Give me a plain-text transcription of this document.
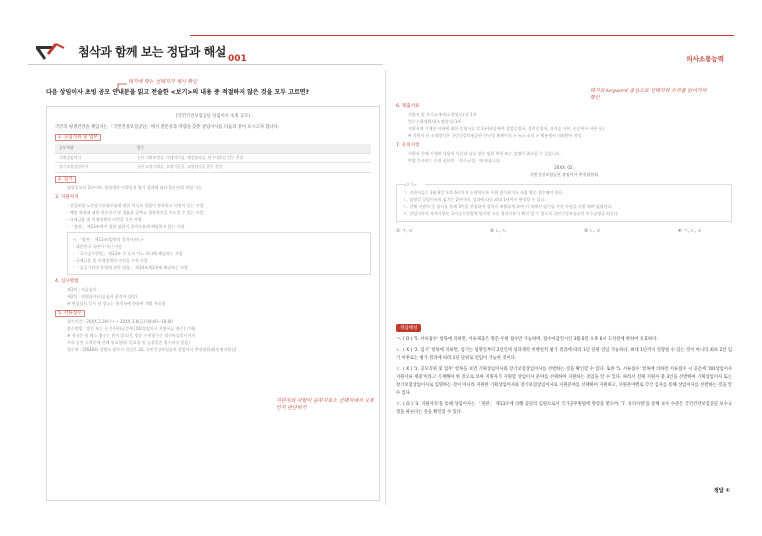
첨삭과 함께 보는 정답과 해설 001	의사소통능력
대기에 맞는 선택지가 제시 확인
다음 상임이사 초빙 공모 안내문을 읽고 전술한 <보기>의 내용 중 적절하지 않은 것을 모두 고르면?
[국민건강보험공단 상임이사 초빙 공모]
국민의 평생건강을 책임지는 「국민건강보험공단」에서 전문성과 역량을 갖춘 상임이사를 다음과 같이 모시고자 합니다.
1. 모집직위 및 업무
공모직위	업무
기획상임이사	공단 기획조정실, 빅데이터실, 재정관리실, 연구내용실 업무 총괄
장기보험상임이사	공단 요양기획실, 요양기준실, 요양심사실 업무 총괄
2. 임기
임명일부터 2년이며, 성과계약 이행실적 평가 결과에 따라 1년 단위 연임 가능
3. 지원자격
- 건강보험·노인장기요양보험에 대한 학식과 경험이 풍부하고 덕망이 있는 사람
- 해당 직위에 대한 전문지식 및 경륜을 갖추고 경영혁신을 주도할 수 있는 사람
- 국제금융 및 이재정책적 비전을 가진 사람
- 「정관」 제13조에서 정한 임원의 결격사유에 해당하지 않는 사람
< 「정관」 제13조(임원의 결격사유) >
- 대한민국 국민이 아닌 사람
- 「국가공무원법」 제33조 각 호의 어느 하나에 해당하는 사람
- 국제금융 및 이재정책적 비전을 가진 사람
- 「공공기관의 운영에 관한 법률」 제34조제1항에 해당하는 사람
4. 심사방법
제1차 : 서류심사
제2차 : 면접심사(서류심사 합격자 대상)
※ 면접심사 일시 및 장소는 합격자에 한하여 개별 통보함
5. 서류접수
접수기간 : 20XX.2.26(수) ~ 20XX.3.6(금) 09:00~18:00
접수방법 : 방문 또는 등기우편(공문에 [OO상임이사 지원서류 재중] 기재)
※ 전자문 및 팩스 접수는 받지 않으며, 방문 우편접수는 접수마감일시까지
우리 공단 도착분에 한해 유효함(토·일요일 및 공휴일은 접수하지 않음)
접수처 : (26464) 강원도 원주시 건강로 32, 국민건강보험공단 상임이사 추천위원회(인재지원실)
지원자의 사항이 공무지로소 선택지에서 오류인지 판단하기
6. 제출서류
지원서 및 자기소개서(소정양식) 각 1부
업무수행계획서(소정양식) 1부
지원서에 기재한 사항에 대한 증빙서류 각 1부(최종학력 졸업증명서, 경력증명서, 자격증 사본, 논문복사 사본 등)
※ 지원서 등 소정양식은 국민건강보험공단 인터넷 홈페이지 > 뉴스·소식 > 채용에서 내려받아 작성
7. 유의사항
지원서 등에 기재된 내용이 사실과 다를 경우 임원 추천 또는 임명이 취소될 수 있습니다.
면접 응시비는 우리 공단의 「보수규정」에 따릅니다.
20XX. 02.
국민건강보험공단 상임이사 추천위원회
<보기>
ㄱ. 지원서류는 3월 6일 오후 6시까지 도착하도록 우편 접수하거나 직접 방문 접수해야 한다.
ㄴ. 임명일 상임이사의 임기는 2년이며, 성과에 따라 최대 1년까지 연장될 수 있다.
ㄷ. 전체 지원자 중 심사를 통해 3인을 선정하여 경력지 제출하게 하여 이 직에서 임기를 가진 사람을 지원 해야 임명한다.
ㄹ. 상임이사의 자격사항은 국가공무원법에 명시된 모든 결격사유가 확인 될 수 있도록 국민건강보험공단 보수규정을 따른다.
① ㄱ, ㄹ	② ㄴ, ㄷ	③ ㄴ, ㄹ	④ ㄱ, ㄷ, ㄹ
대기의 keyword 중심으로 선택지와 소리를 읽어가며 확인
정답해설
ㄱ. ( O ) '5. 서류접수' 항목에 의하면, 서류제출은 방문·우편 접수만 가능하며, 접수마감일시인 3월 6일 오후 6시 도착분에 한하여 유효하다.
ㄴ. ( X ) '2. 임기' 항목에 의하면, 임기는 임명일부터 2년인데 성과계약 이행실적 평가 결과에 따라 1년 단위 연임 가능하다. 최대 1년까지 연장될 수 있는 것이 아니라 최초 2년 임기 이후로는 평가 결과에 따라 1년 단위로 연임이 가능한 것이다.
ㄷ. ( X ) '1. 공모직위 및 업무' 항목을 보면 기획상임이사와 장기보험상임이사를 선발하는 것을 확인할 수 있다. 또한 '5. 서류접수' 항목에 의하면 서류접수 시 공문에 'OO상임이사 지원서류 재중'이라고 기재해야 한 것으로 보아 지원자가 지원할 상임이사 분야를 선택하여 지원하는 것임을 알 수 있다. 따라서 전체 지원자 중 3인을 선발하여 기획상임이사 또는 장기보험상임이사로 임명하는 것이 아니라 지원한 기획상임이사와 장기보험상임이사로 지원분야를 선택하여 지원하고, 지원분야별로 각각 심사를 통해 상임이사를 선발하는 것을 알 수 있다.
ㄹ. ( O ) '3. 지원자격'을 통해 상임이사는 「정관」 제13조에 의해 공단의 임원으로서 국가공무원법에 명령을 받으며, '7. 유의사항'을 통해 보수 수준은 국민건강보험공단 보수규정을 따른다는 것을 확인할 수 있다.
정답 ①
